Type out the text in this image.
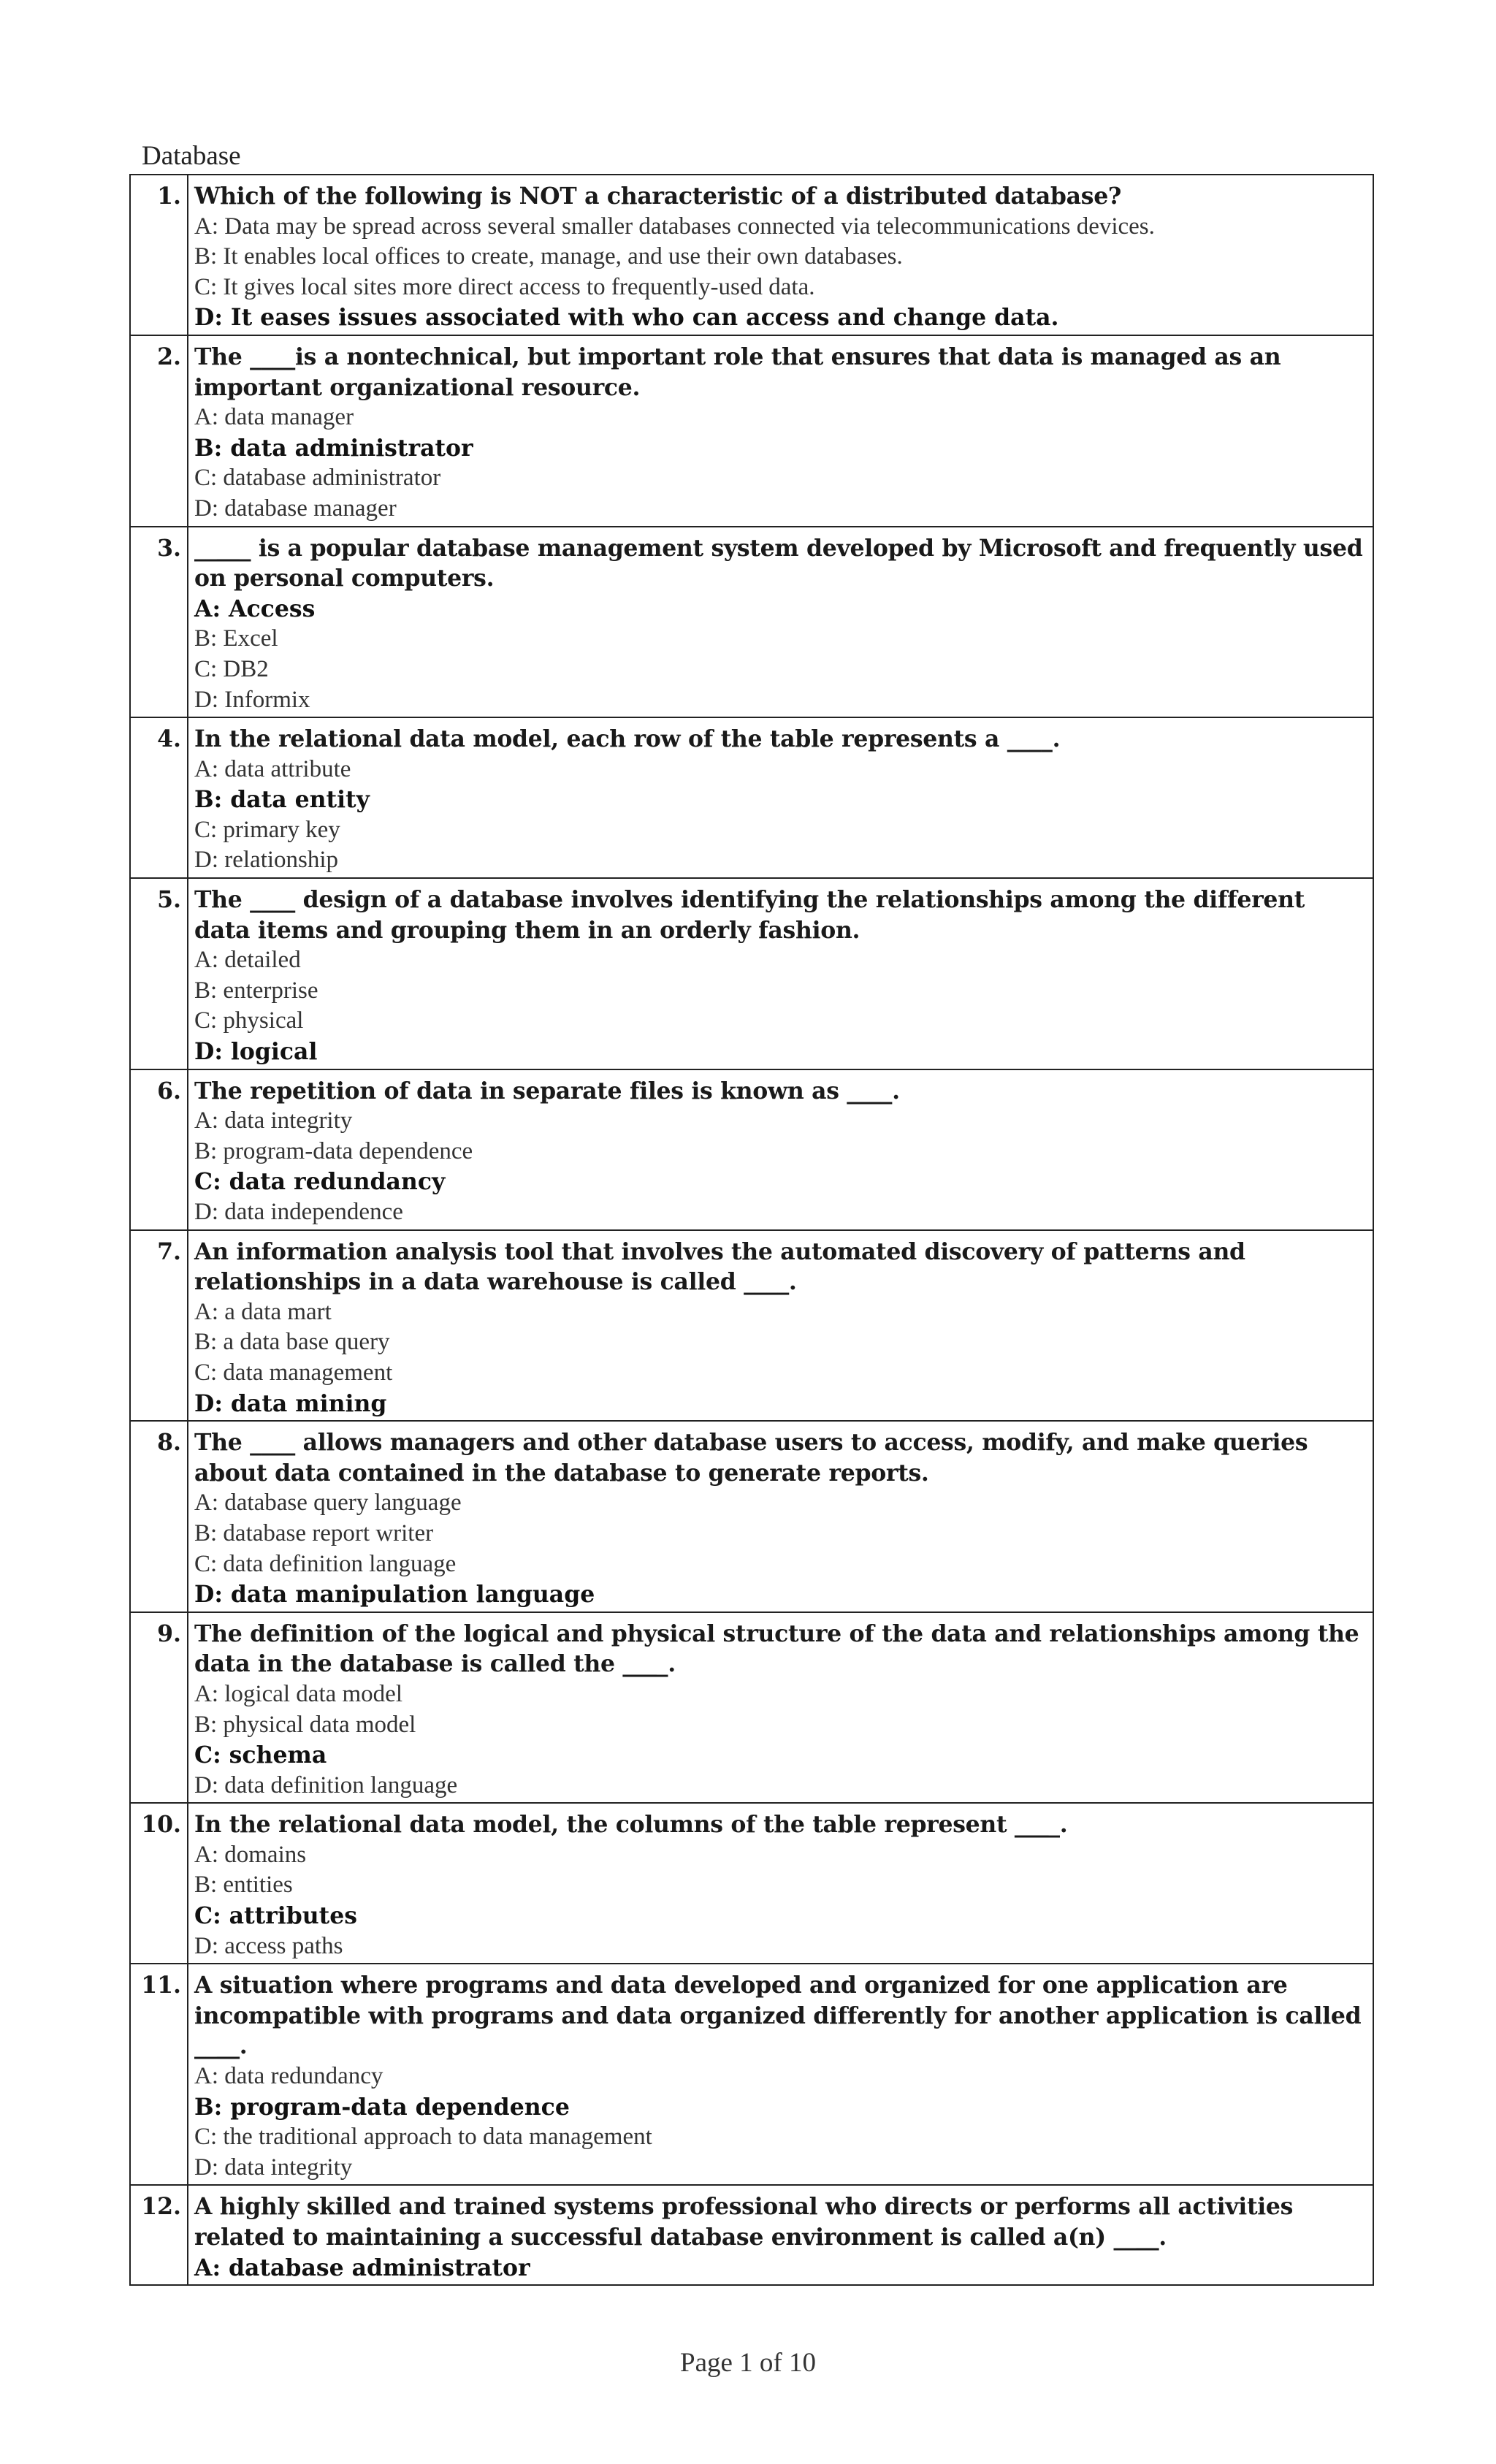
Database
1.	Which of the following is NOT a characteristic of a distributed database?
A: Data may be spread across several smaller databases connected via telecommunications devices.
B: It enables local offices to create, manage, and use their own databases.
C: It gives local sites more direct access to frequently-used data.
D: It eases issues associated with who can access and change data.

2.	The ____is a nontechnical, but important role that ensures that data is managed as an important organizational resource.
A: data manager
B: data administrator
C: database administrator
D: database manager

3.	_____ is a popular database management system developed by Microsoft and frequently used on personal computers.
A: Access
B: Excel
C: DB2
D: Informix

4.	In the relational data model, each row of the table represents a ____.
A: data attribute
B: data entity
C: primary key
D: relationship

5.	The ____ design of a database involves identifying the relationships among the different data items and grouping them in an orderly fashion.
A: detailed
B: enterprise
C: physical
D: logical

6.	The repetition of data in separate files is known as ____.
A: data integrity
B: program-data dependence
C: data redundancy
D: data independence

7.	An information analysis tool that involves the automated discovery of patterns and relationships in a data warehouse is called ____.
A: a data mart
B: a data base query
C: data management
D: data mining

8.	The ____ allows managers and other database users to access, modify, and make queries about data contained in the database to generate reports.
A: database query language
B: database report writer
C: data definition language
D: data manipulation language

9.	The definition of the logical and physical structure of the data and relationships among the data in the database is called the ____.
A: logical data model
B: physical data model
C: schema
D: data definition language

10.	In the relational data model, the columns of the table represent ____.
A: domains
B: entities
C: attributes
D: access paths

11.	A situation where programs and data developed and organized for one application are incompatible with programs and data organized differently for another application is called ____.
A: data redundancy
B: program-data dependence
C: the traditional approach to data management
D: data integrity

12.	A highly skilled and trained systems professional who directs or performs all activities related to maintaining a successful database environment is called a(n) ____.
A: database administrator
Page 1 of 10
